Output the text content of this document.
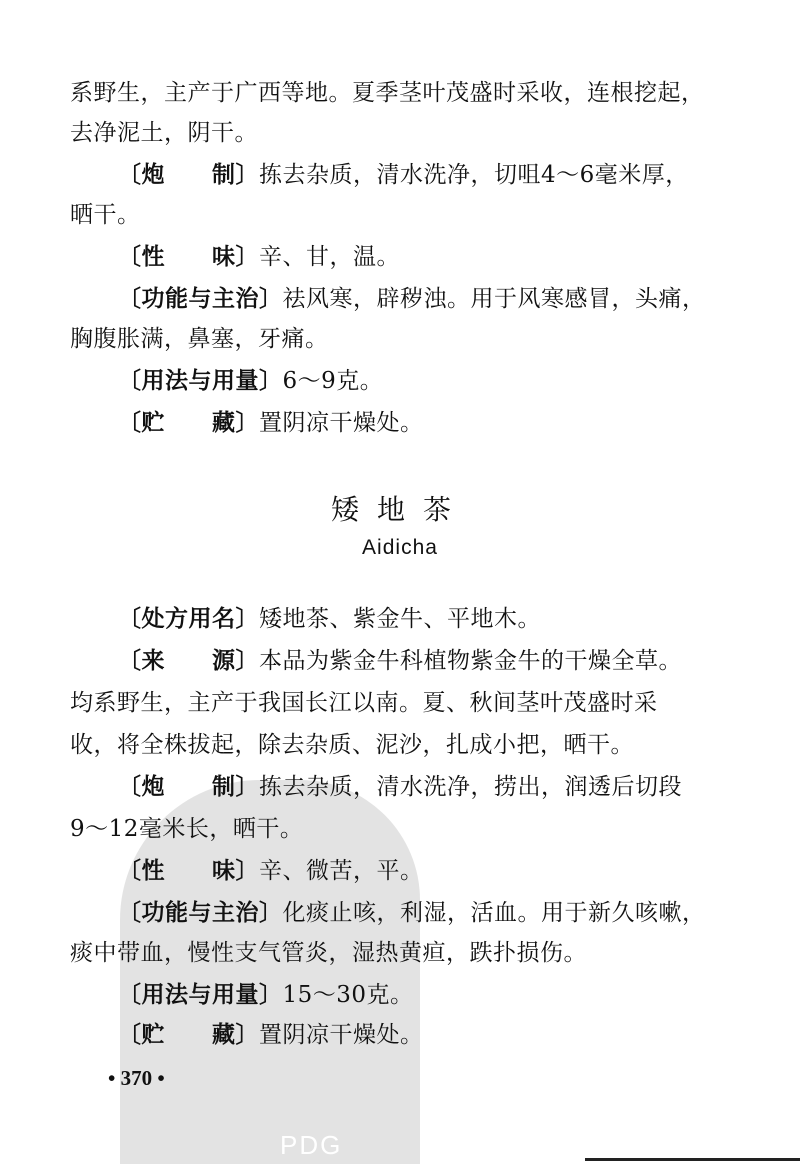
PDG
系野生，主产于广西等地。夏季茎叶茂盛时采收，连根挖起，
去净泥土，阴干。
〔炮　　制〕拣去杂质，清水洗净，切咀4～6毫米厚，
晒干。
〔性　　味〕辛、甘，温。
〔功能与主治〕祛风寒，辟秽浊。用于风寒感冒，头痛，
胸腹胀满，鼻塞，牙痛。
〔用法与用量〕6～9克。
〔贮　　藏〕置阴凉干燥处。
矮地茶
Aidicha
〔处方用名〕矮地茶、紫金牛、平地木。
〔来　　源〕本品为紫金牛科植物紫金牛的干燥全草。
均系野生，主产于我国长江以南。夏、秋间茎叶茂盛时采
收，将全株拔起，除去杂质、泥沙，扎成小把，晒干。
〔炮　　制〕拣去杂质，清水洗净，捞出，润透后切段
9～12毫米长，晒干。
〔性　　味〕辛、微苦，平。
〔功能与主治〕化痰止咳，利湿，活血。用于新久咳嗽，
痰中带血，慢性支气管炎，湿热黄疸，跌扑损伤。
〔用法与用量〕15～30克。
〔贮　　藏〕置阴凉干燥处。
• 370 •
